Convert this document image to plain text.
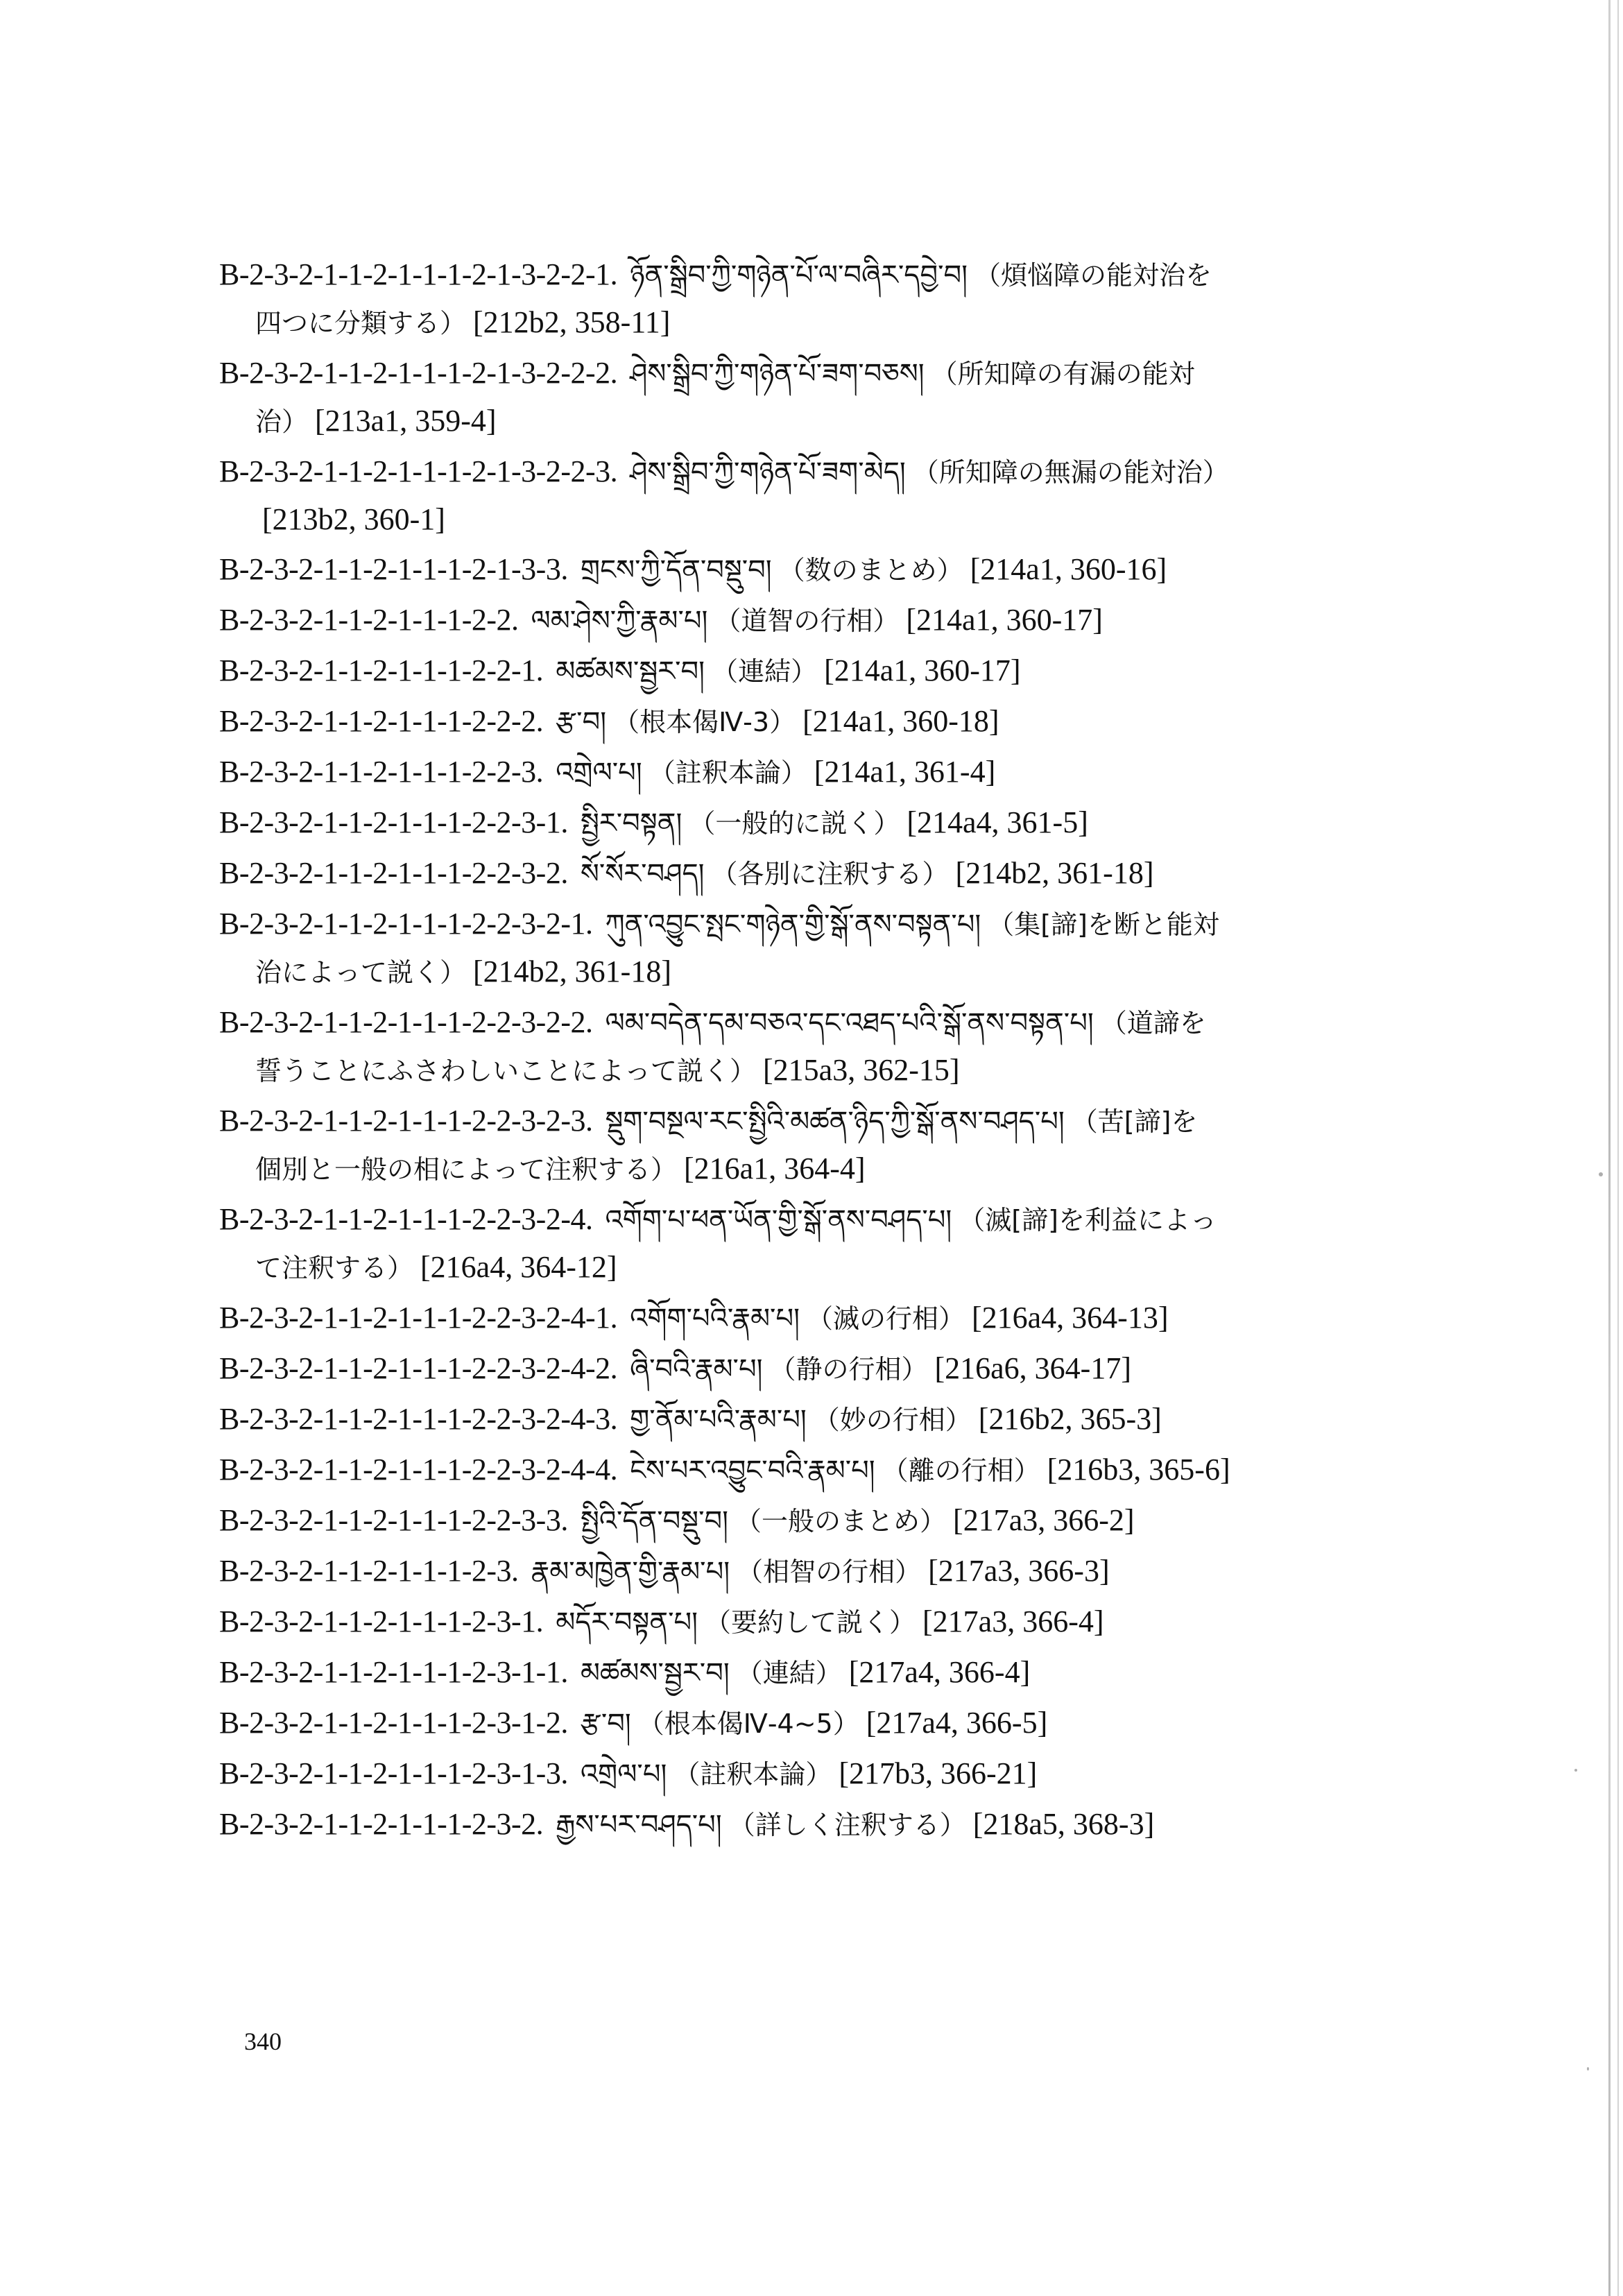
B-2-3-2-1-1-2-1-1-1-2-1-3-2-2-1. ཉོན་སྒྲིབ་ཀྱི་གཉེན་པོ་ལ་བཞིར་དབྱེ་བ། （煩悩障の能対治を
四つに分類する） [212b2, 358-11]
B-2-3-2-1-1-2-1-1-1-2-1-3-2-2-2. ཤེས་སྒྲིབ་ཀྱི་གཉེན་པོ་ཟག་བཅས། （所知障の有漏の能対
治） [213a1, 359-4]
B-2-3-2-1-1-2-1-1-1-2-1-3-2-2-3. ཤེས་སྒྲིབ་ཀྱི་གཉེན་པོ་ཟག་མེད། （所知障の無漏の能対治）
[213b2, 360-1]
B-2-3-2-1-1-2-1-1-1-2-1-3-3. གྲངས་ཀྱི་དོན་བསྡུ་བ། （数のまとめ） [214a1, 360-16]
B-2-3-2-1-1-2-1-1-1-2-2. ལམ་ཤེས་ཀྱི་རྣམ་པ། （道智の行相） [214a1, 360-17]
B-2-3-2-1-1-2-1-1-1-2-2-1. མཚམས་སྦྱར་བ། （連結） [214a1, 360-17]
B-2-3-2-1-1-2-1-1-1-2-2-2. རྩ་བ། （根本偈Ⅳ-3） [214a1, 360-18]
B-2-3-2-1-1-2-1-1-1-2-2-3. འགྲེལ་པ། （註釈本論） [214a1, 361-4]
B-2-3-2-1-1-2-1-1-1-2-2-3-1. སྤྱིར་བསྟན། （一般的に説く） [214a4, 361-5]
B-2-3-2-1-1-2-1-1-1-2-2-3-2. སོ་སོར་བཤད། （各別に注釈する） [214b2, 361-18]
B-2-3-2-1-1-2-1-1-1-2-2-3-2-1. ཀུན་འབྱུང་སྤང་གཉེན་གྱི་སྒོ་ནས་བསྟན་པ། （集[諦]を断と能対
治によって説く） [214b2, 361-18]
B-2-3-2-1-1-2-1-1-1-2-2-3-2-2. ལམ་བདེན་དམ་བཅའ་དང་འཐད་པའི་སྒོ་ནས་བསྟན་པ། （道諦を
誓うことにふさわしいことによって説く） [215a3, 362-15]
B-2-3-2-1-1-2-1-1-1-2-2-3-2-3. སྡུག་བསྔལ་རང་སྤྱིའི་མཚན་ཉིད་ཀྱི་སྒོ་ནས་བཤད་པ། （苦[諦]を
個別と一般の相によって注釈する） [216a1, 364-4]
B-2-3-2-1-1-2-1-1-1-2-2-3-2-4. འགོག་པ་ཕན་ཡོན་གྱི་སྒོ་ནས་བཤད་པ། （滅[諦]を利益によっ
て注釈する） [216a4, 364-12]
B-2-3-2-1-1-2-1-1-1-2-2-3-2-4-1. འགོག་པའི་རྣམ་པ། （滅の行相） [216a4, 364-13]
B-2-3-2-1-1-2-1-1-1-2-2-3-2-4-2. ཞི་བའི་རྣམ་པ། （静の行相） [216a6, 364-17]
B-2-3-2-1-1-2-1-1-1-2-2-3-2-4-3. གྱ་ནོམ་པའི་རྣམ་པ། （妙の行相） [216b2, 365-3]
B-2-3-2-1-1-2-1-1-1-2-2-3-2-4-4. ངེས་པར་འབྱུང་བའི་རྣམ་པ། （離の行相） [216b3, 365-6]
B-2-3-2-1-1-2-1-1-1-2-2-3-3. སྤྱིའི་དོན་བསྡུ་བ། （一般のまとめ） [217a3, 366-2]
B-2-3-2-1-1-2-1-1-1-2-3. རྣམ་མཁྱེན་གྱི་རྣམ་པ། （相智の行相） [217a3, 366-3]
B-2-3-2-1-1-2-1-1-1-2-3-1. མདོར་བསྟན་པ། （要約して説く） [217a3, 366-4]
B-2-3-2-1-1-2-1-1-1-2-3-1-1. མཚམས་སྦྱར་བ། （連結） [217a4, 366-4]
B-2-3-2-1-1-2-1-1-1-2-3-1-2. རྩ་བ། （根本偈Ⅳ-4~5） [217a4, 366-5]
B-2-3-2-1-1-2-1-1-1-2-3-1-3. འགྲེལ་པ། （註釈本論） [217b3, 366-21]
B-2-3-2-1-1-2-1-1-1-2-3-2. རྒྱས་པར་བཤད་པ། （詳しく注釈する） [218a5, 368-3]
340
